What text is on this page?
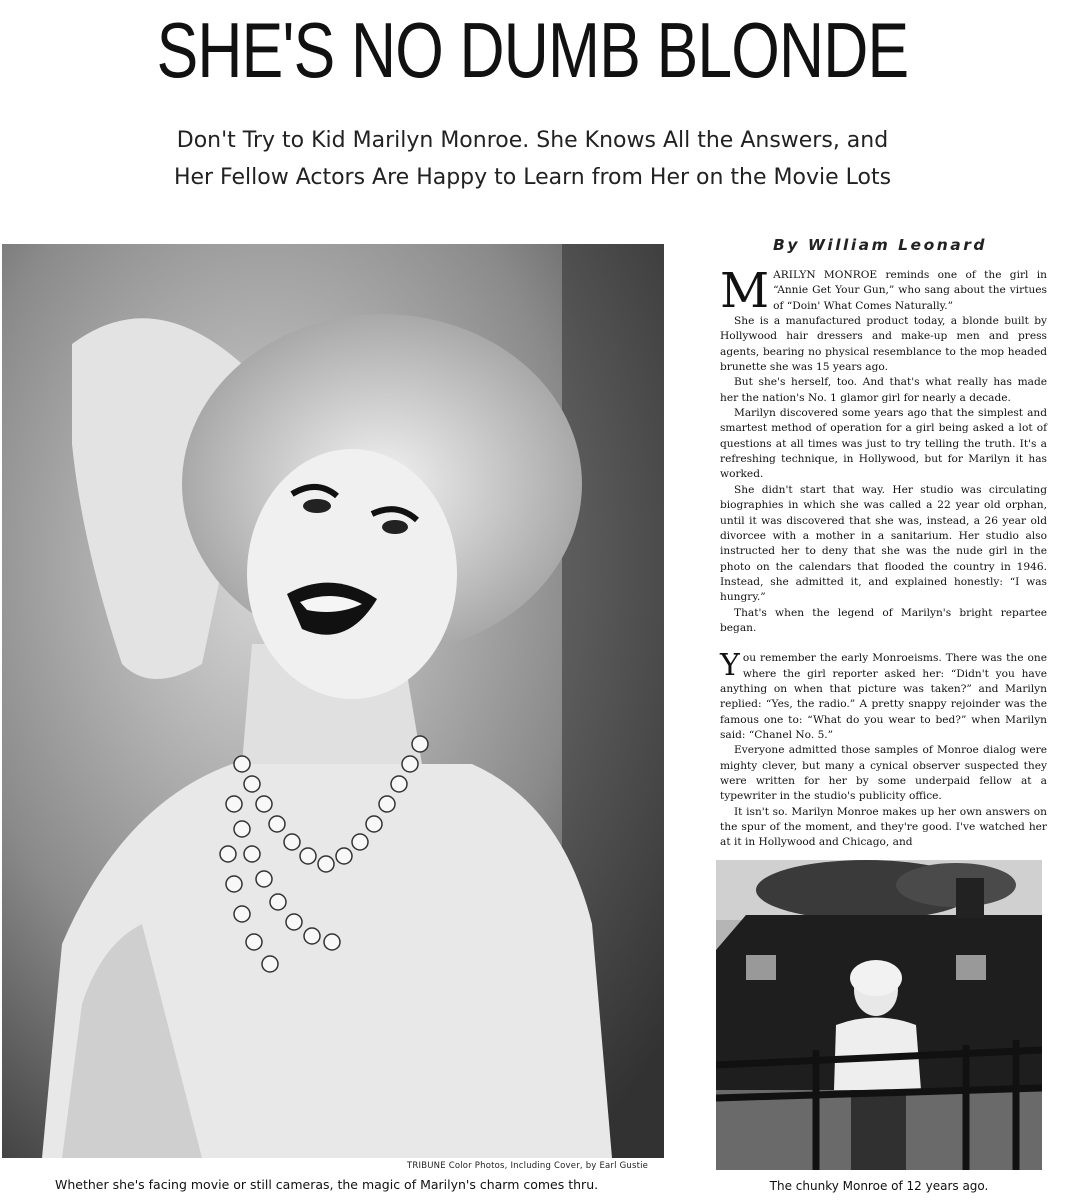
SHE'S NO DUMB BLONDE
Don't Try to Kid Marilyn Monroe. She Knows All the Answers, and
Her Fellow Actors Are Happy to Learn from Her on the Movie Lots
TRIBUNE Color Photos, Including Cover, by Earl Gustie
Whether she's facing movie or still cameras, the magic of Marilyn's charm comes thru.
By William Leonard

MARILYN MONROE reminds one of the girl in “Annie Get Your Gun,” who sang about the virtues of “Doin' What Comes Naturally.”

She is a manufactured product today, a blonde built by Hollywood hair dressers and make-up men and press agents, bearing no physical resemblance to the mop headed brunette she was 15 years ago.

But she's herself, too. And that's what really has made her the nation's No. 1 glamor girl for nearly a decade.

Marilyn discovered some years ago that the simplest and smartest method of operation for a girl being asked a lot of questions at all times was just to try telling the truth. It's a refreshing technique, in Hollywood, but for Marilyn it has worked.

She didn't start that way. Her studio was circulating biographies in which she was called a 22 year old orphan, until it was discovered that she was, instead, a 26 year old divorcee with a mother in a sanitarium. Her studio also instructed her to deny that she was the nude girl in the photo on the calendars that flooded the country in 1946. Instead, she admitted it, and explained honestly: “I was hungry.”

That's when the legend of Marilyn's bright repartee began.

You remember the early Monroeisms. There was the one where the girl reporter asked her: “Didn't you have anything on when that picture was taken?” and Marilyn replied: “Yes, the radio.” A pretty snappy rejoinder was the famous one to: “What do you wear to bed?” when Marilyn said: “Chanel No. 5.”

Everyone admitted those samples of Monroe dialog were mighty clever, but many a cynical observer suspected they were written for her by some underpaid fellow at a typewriter in the studio's publicity office.

It isn't so. Marilyn Monroe makes up her own answers on the spur of the moment, and they're good. I've watched her at it in Hollywood and Chicago, and

The chunky Monroe of 12 years ago.
